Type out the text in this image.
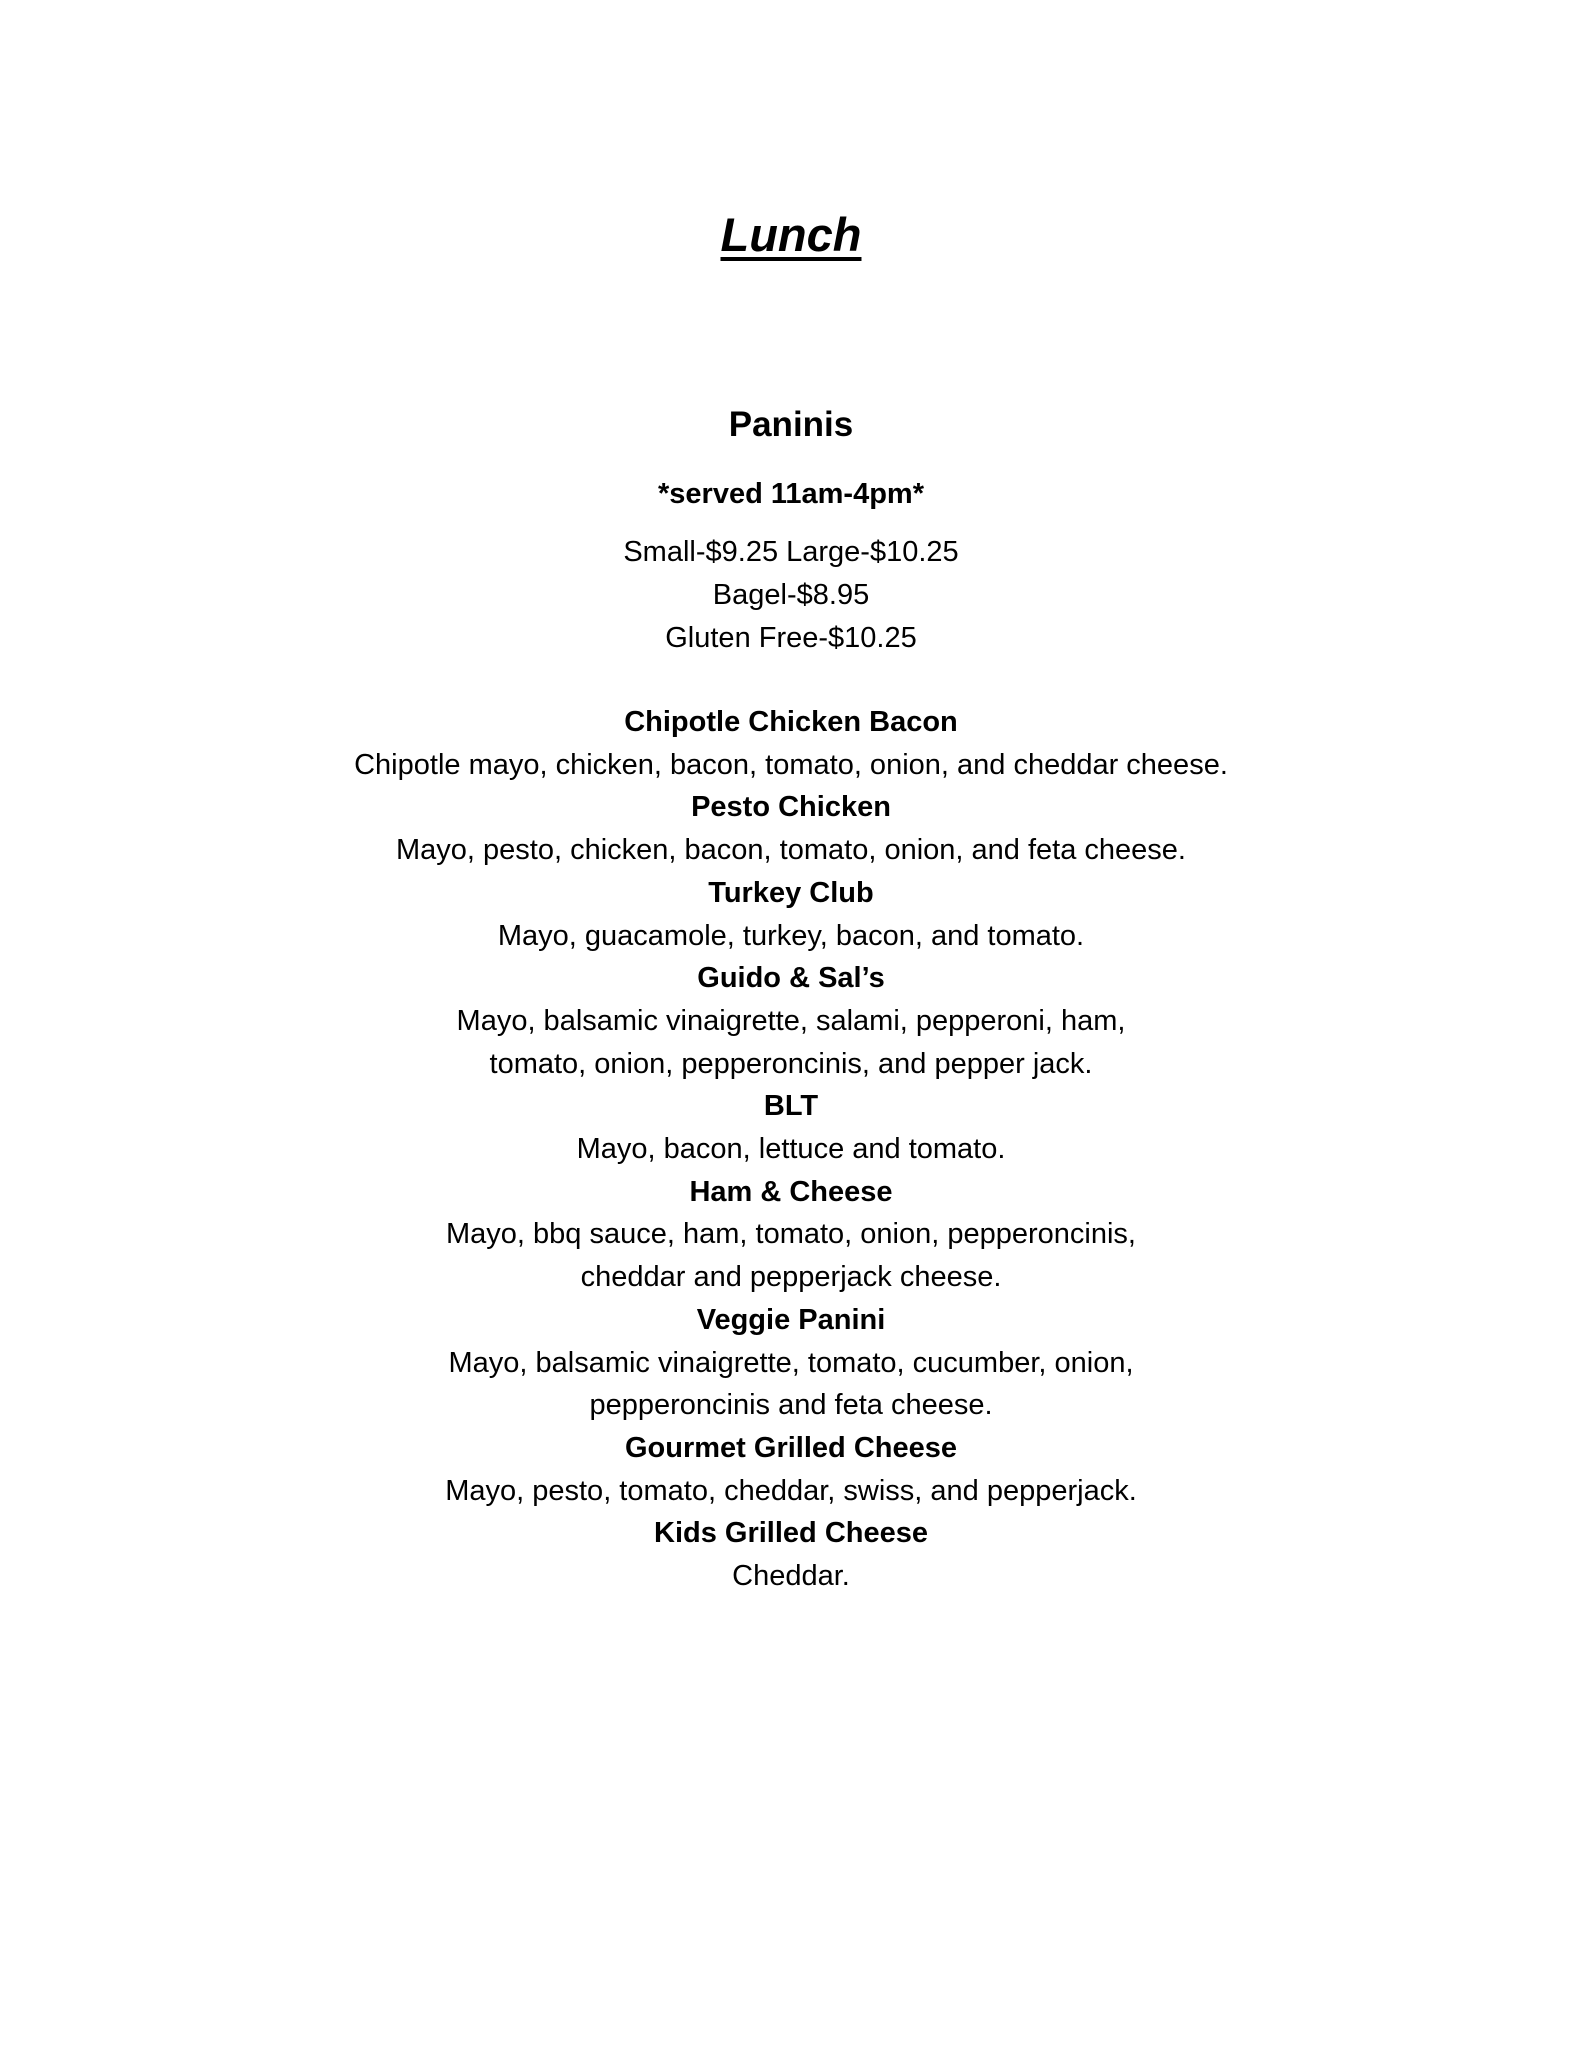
Lunch
Paninis
*served 11am-4pm*
Small-$9.25 Large-$10.25
Bagel-$8.95
Gluten Free-$10.25
Chipotle Chicken Bacon
Chipotle mayo, chicken, bacon, tomato, onion, and cheddar cheese.
Pesto Chicken
Mayo, pesto, chicken, bacon, tomato, onion, and feta cheese.
Turkey Club
Mayo, guacamole, turkey, bacon, and tomato.
Guido & Sal’s
Mayo, balsamic vinaigrette, salami, pepperoni, ham,
tomato, onion, pepperoncinis, and pepper jack.
BLT
Mayo, bacon, lettuce and tomato.
Ham & Cheese
Mayo, bbq sauce, ham, tomato, onion, pepperoncinis,
cheddar and pepperjack cheese.
Veggie Panini
Mayo, balsamic vinaigrette, tomato, cucumber, onion,
pepperoncinis and feta cheese.
Gourmet Grilled Cheese
Mayo, pesto, tomato, cheddar, swiss, and pepperjack.
Kids Grilled Cheese
Cheddar.
